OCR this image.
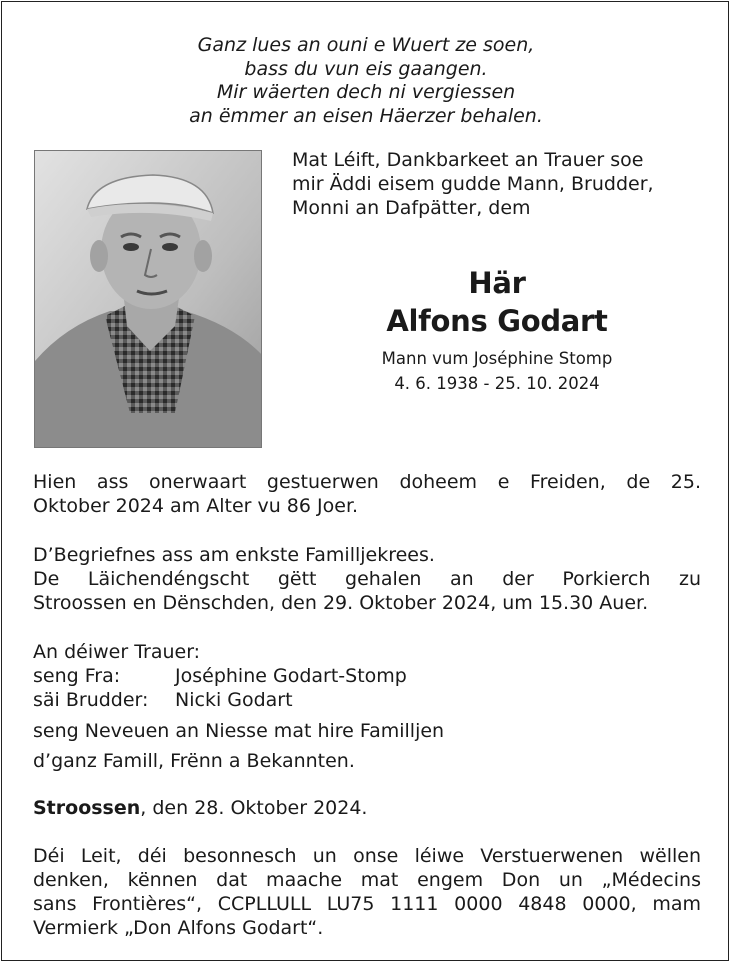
Ganz lues an ouni e Wuert ze soen,
bass du vun eis gaangen.
Mir wäerten dech ni vergiessen
an ëmmer an eisen Häerzer behalen.
Mat Léift, Dankbarkeet an Trauer soe
mir Äddi eisem gudde Mann, Brudder,
Monni an Dafpätter, dem
Här
Alfons Godart
Mann vum Joséphine Stomp
4. 6. 1938 - 25. 10. 2024
Hien ass onerwaart gestuerwen doheem e Freiden, de 25.
Oktober 2024 am Alter vu 86 Joer.
D’Begriefnes ass am enkste Familljekrees.
De Läichendéngscht gëtt gehalen an der Porkierch zu
Stroossen en Dënschden, den 29. Oktober 2024, um 15.30 Auer.
An déiwer Trauer:
seng Fra:	Joséphine Godart-Stomp
säi Brudder: Nicki Godart
seng Neveuen an Niesse mat hire Familljen
d’ganz Famill, Frënn a Bekannten.
Stroossen, den 28. Oktober 2024.
Déi Leit, déi besonnesch un onse léiwe Verstuerwenen wëllen
denken, kënnen dat maache mat engem Don un „Médecins
sans Frontières“, CCPLLULL LU75 1111 0000 4848 0000, mam
Vermierk „Don Alfons Godart“.
